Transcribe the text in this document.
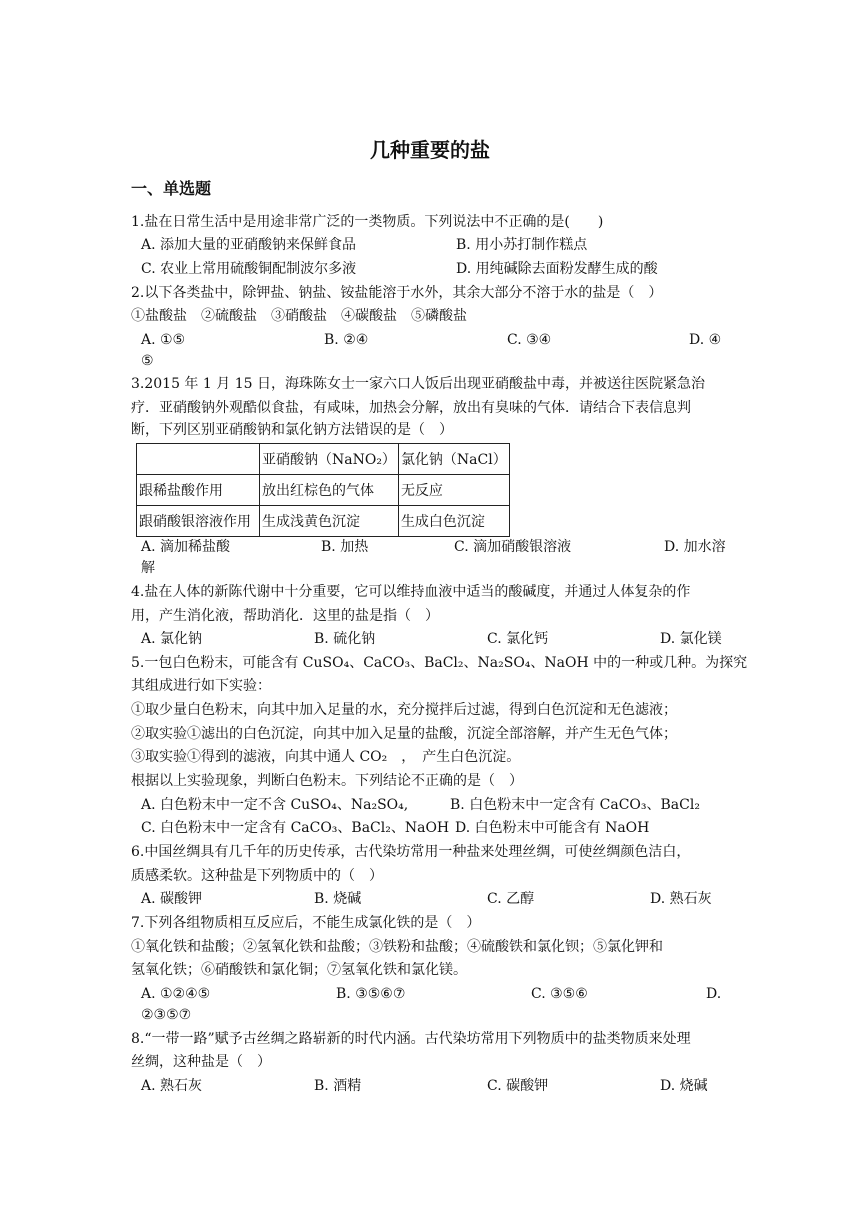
几种重要的盐
一、单选题
1.盐在日常生活中是用途非常广泛的一类物质。下列说法中不正确的是(　　)
A. 添加大量的亚硝酸钠来保鲜食品	B. 用小苏打制作糕点
C. 农业上常用硫酸铜配制波尔多液	D. 用纯碱除去面粉发酵生成的酸
2.以下各类盐中，除钾盐、钠盐、铵盐能溶于水外，其余大部分不溶于水的盐是（　）
①盐酸盐　②硫酸盐　③硝酸盐　④碳酸盐　⑤磷酸盐
A. ①⑤	B. ②④	C. ③④	D. ④
⑤
3.2015 年 1 月 15 日，海珠陈女士一家六口人饭后出现亚硝酸盐中毒，并被送往医院紧急治
疗．亚硝酸钠外观酷似食盐，有咸味，加热会分解，放出有臭味的气体．请结合下表信息判
断，下列区别亚硝酸钠和氯化钠方法错误的是（　）
	亚硝酸钠（NaNO₂）	氯化钠（NaCl）
跟稀盐酸作用	放出红棕色的气体	无反应
跟硝酸银溶液作用	生成浅黄色沉淀	生成白色沉淀
A. 滴加稀盐酸	B. 加热	C. 滴加硝酸银溶液	D. 加水溶
解
4.盐在人体的新陈代谢中十分重要，它可以维持血液中适当的酸碱度，并通过人体复杂的作
用，产生消化液，帮助消化．这里的盐是指（　）
A. 氯化钠	B. 硫化钠	C. 氯化钙	D. 氯化镁
5.一包白色粉末，可能含有 CuSO₄、CaCO₃、BaCl₂、Na₂SO₄、NaOH 中的一种或几种。为探究
其组成进行如下实验：
①取少量白色粉末，向其中加入足量的水，充分搅拌后过滤，得到白色沉淀和无色滤液；
②取实验①滤出的白色沉淀，向其中加入足量的盐酸，沉淀全部溶解，并产生无色气体；
③取实验①得到的滤液，向其中通人 CO₂　，　产生白色沉淀。
根据以上实验现象，判断白色粉末。下列结论不正确的是（　）
A. 白色粉末中一定不含 CuSO₄、Na₂SO₄,	B. 白色粉末中一定含有 CaCO₃、BaCl₂
C. 白色粉末中一定含有 CaCO₃、BaCl₂、NaOH D. 白色粉末中可能含有 NaOH
6.中国丝绸具有几千年的历史传承，古代染坊常用一种盐来处理丝绸，可使丝绸颜色洁白，
质感柔软。这种盐是下列物质中的（　）
A. 碳酸钾	B. 烧碱	C. 乙醇	D. 熟石灰
7.下列各组物质相互反应后，不能生成氯化铁的是（　）
①氧化铁和盐酸；②氢氧化铁和盐酸；③铁粉和盐酸；④硫酸铁和氯化钡；⑤氯化钾和
氢氧化铁；⑥硝酸铁和氯化铜；⑦氢氧化铁和氯化镁。
A. ①②④⑤	B. ③⑤⑥⑦	C. ③⑤⑥	D.
②③⑤⑦
8.“一带一路”赋予古丝绸之路崭新的时代内涵。古代染坊常用下列物质中的盐类物质来处理
丝绸，这种盐是（　）
A. 熟石灰	B. 酒精	C. 碳酸钾	D. 烧碱
